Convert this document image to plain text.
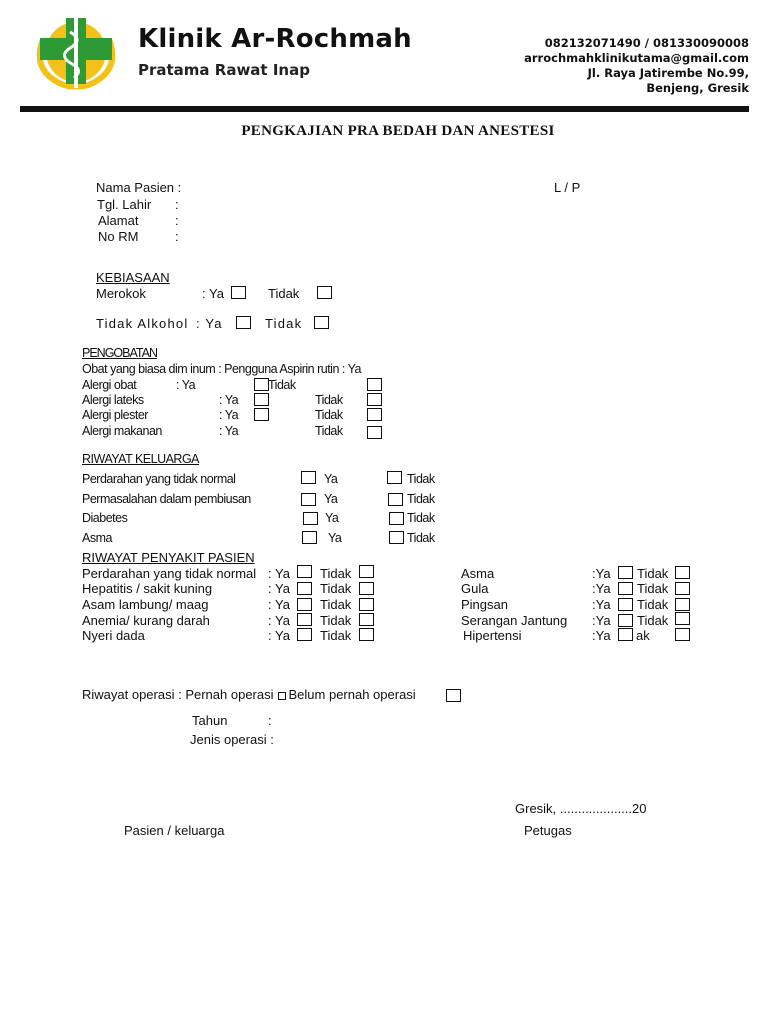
Klinik Ar-Rochmah
Pratama Rawat Inap
082132071490 / 081330090008
arrochmahklinikutama@gmail.com
Jl. Raya Jatirembe No.99,
Benjeng, Gresik
PENGKAJIAN PRA BEDAH DAN ANESTESI
Nama Pasien :	L / P
Tgl. Lahir :
Alamat	:
No RM	:
KEBIASAAN
Merokok	: Ya	Tidak
Tidak Alkohol : Ya	Tidak
PENGOBATAN
Obat yang biasa dim inum : Pengguna Aspirin rutin : Ya
Alergi obat	: Ya	Tidak
Alergi lateks	: Ya	Tidak
Alergi plester	: Ya	Tidak
Alergi makanan	: Ya	Tidak
RIWAYAT KELUARGA
Perdarahan yang tidak normal	Ya	Tidak
Permasalahan dalam pembiusan	Ya	Tidak
Diabetes	Ya	Tidak
Asma	Ya	Tidak
RIWAYAT PENYAKIT PASIEN
Perdarahan yang tidak normal : Ya Tidak
Hepatitis / sakit kuning	: Ya Tidak
Asam lambung/ maag	: Ya Tidak
Anemia/ kurang darah	: Ya Tidak
Nyeri dada	: Ya Tidak
Asma	:Ya Tidak
Gula	:Ya Tidak
Pingsan	:Ya Tidak
Serangan Jantung :Ya Tidak
Hipertensi	:Ya ak
Riwayat operasi : Pernah operasi Belum pernah operasi
Tahun	:
Jenis operasi :
Gresik, ....................20
Pasien / keluarga	Petugas
